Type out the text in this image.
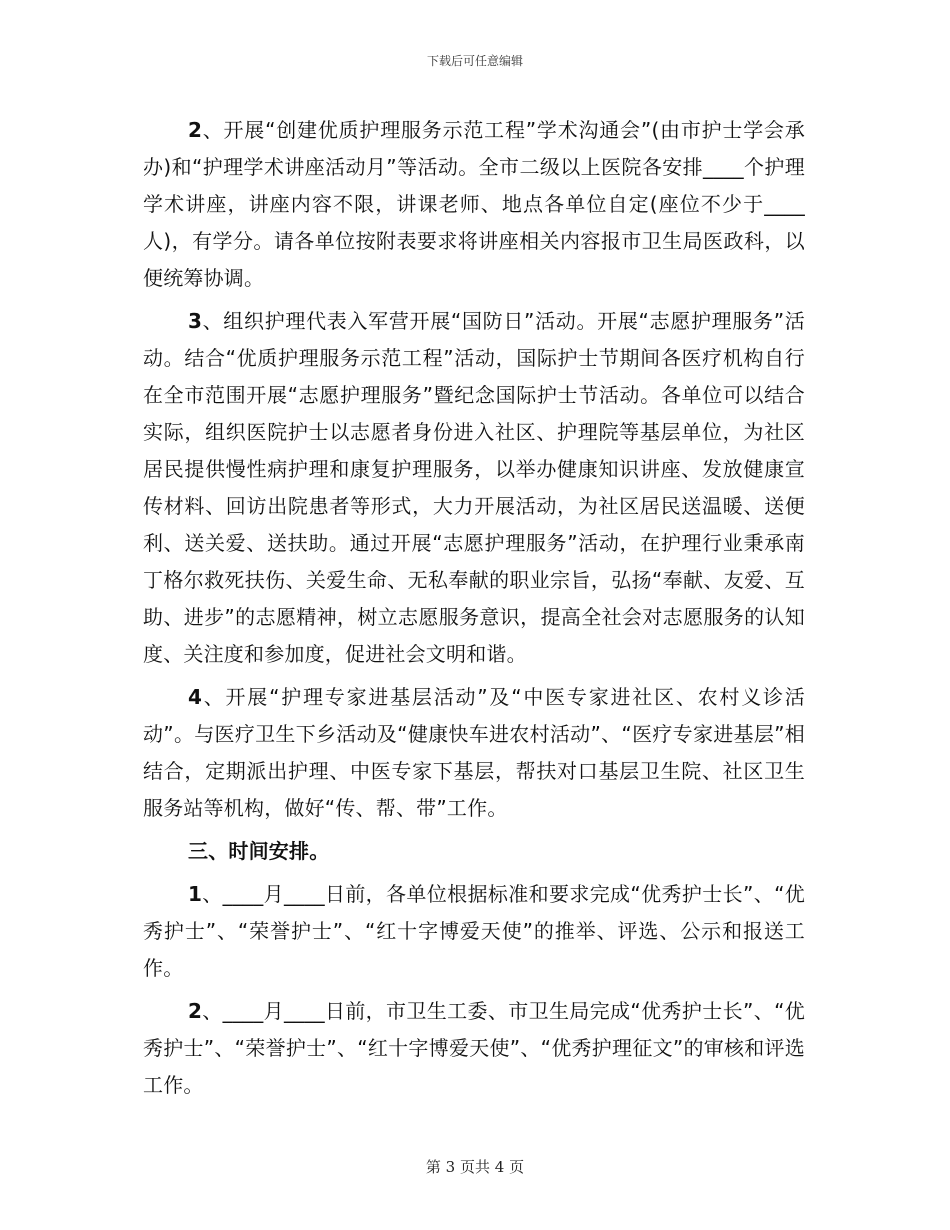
下载后可任意编辑

2、开展“创建优质护理服务示范工程”学术沟通会”(由市护士学会承办)和“护理学术讲座活动月”等活动。全市二级以上医院各安排____个护理学术讲座，讲座内容不限，讲课老师、地点各单位自定(座位不少于____人)，有学分。请各单位按附表要求将讲座相关内容报市卫生局医政科，以便统筹协调。

3、组织护理代表入军营开展“国防日”活动。开展“志愿护理服务”活动。结合“优质护理服务示范工程”活动，国际护士节期间各医疗机构自行在全市范围开展“志愿护理服务”暨纪念国际护士节活动。各单位可以结合实际，组织医院护士以志愿者身份进入社区、护理院等基层单位，为社区居民提供慢性病护理和康复护理服务，以举办健康知识讲座、发放健康宣传材料、回访出院患者等形式，大力开展活动，为社区居民送温暖、送便利、送关爱、送扶助。通过开展“志愿护理服务”活动，在护理行业秉承南丁格尔救死扶伤、关爱生命、无私奉献的职业宗旨，弘扬“奉献、友爱、互助、进步”的志愿精神，树立志愿服务意识，提高全社会对志愿服务的认知度、关注度和参加度，促进社会文明和谐。

4、开展“护理专家进基层活动”及“中医专家进社区、农村义诊活动”。与医疗卫生下乡活动及“健康快车进农村活动”、“医疗专家进基层”相结合，定期派出护理、中医专家下基层，帮扶对口基层卫生院、社区卫生服务站等机构，做好“传、帮、带”工作。

三、时间安排。

1、____月____日前，各单位根据标准和要求完成“优秀护士长”、“优秀护士”、“荣誉护士”、“红十字博爱天使”的推举、评选、公示和报送工作。

2、____月____日前，市卫生工委、市卫生局完成“优秀护士长”、“优秀护士”、“荣誉护士”、“红十字博爱天使”、“优秀护理征文”的审核和评选工作。

第 3 页共 4 页
